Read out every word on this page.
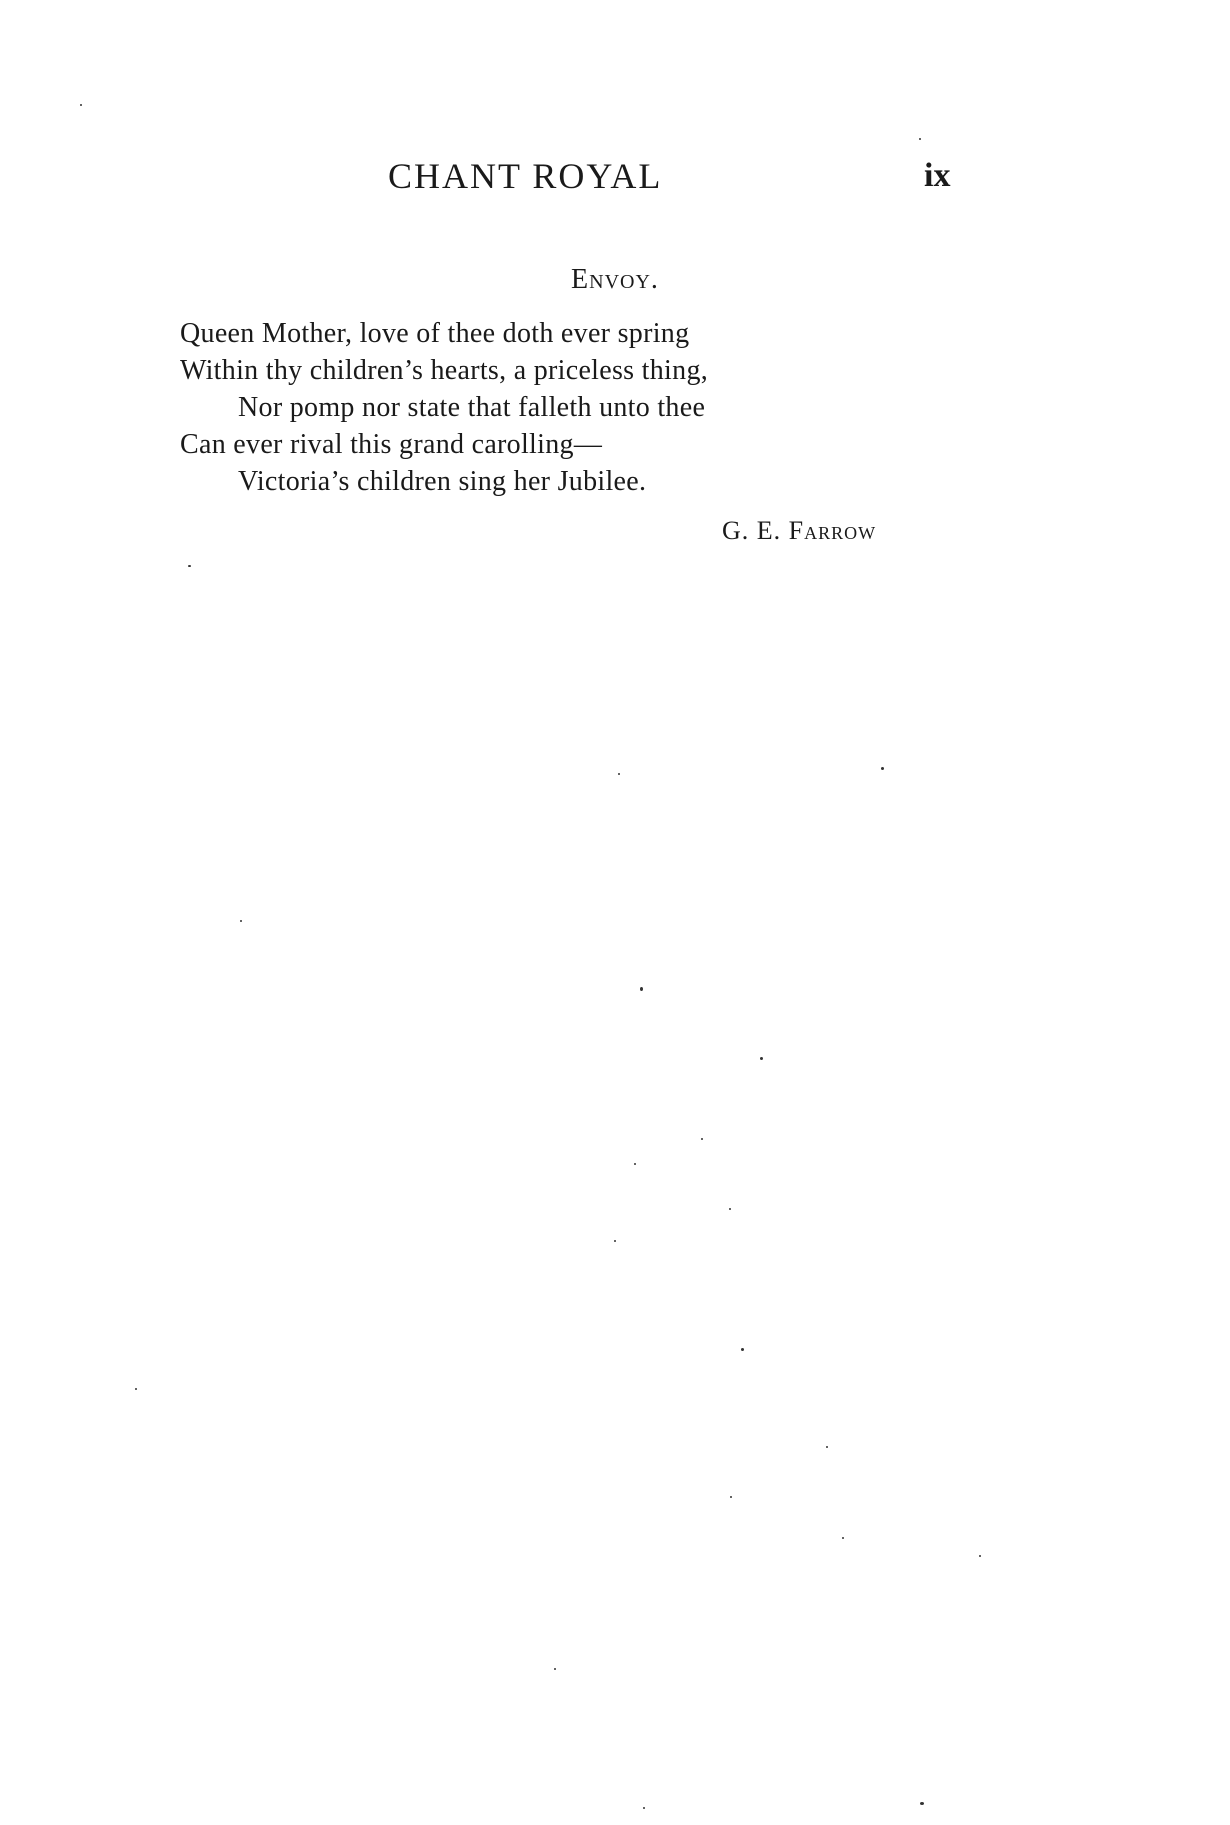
CHANT ROYAL	ix
Envoy.
Queen Mother, love of thee doth ever spring
Within thy children’s hearts, a priceless thing,
Nor pomp nor state that falleth unto thee
Can ever rival this grand carolling—
Victoria’s children sing her Jubilee.
G. E. Farrow
